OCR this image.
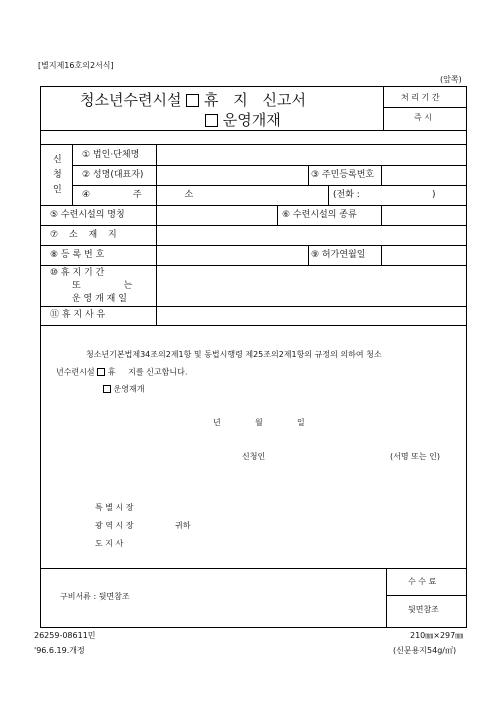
[별지제16호의2서식]
(앞쪽)
청소년수련시설 휴 지 신고서
운영개재
처 리 기 간
즉 시
신
청
인
① 법인·단체명
② 성명(대표자)	③ 주민등록번호
④ 주 소	(전화 :	)
⑤ 수련시설의 명칭	⑥ 수련시설의 종류
⑦ 소 재 지
⑧ 등 록 번 호	⑨ 허가연월일
⑩ 휴 지 기 간
또 는
운 영 개 재 일
⑪ 휴 지 사 유
청소년기본법제34조의2제1항 및 동법시행령 제25조의2제1항의 규정의 의하여 청소
년수련시설 휴     지를 신고합니다.
운영재개
년	월	일
신청인	(서명 또는 인)
특 별 시 장
광 역 시 장	귀하
도 지 사
구비서류 : 뒷면참조
수 수 료
뒷면참조
26259-08611민
'96.6.19.개정
210㎜×297㎜
(신문용지54g/㎡)
